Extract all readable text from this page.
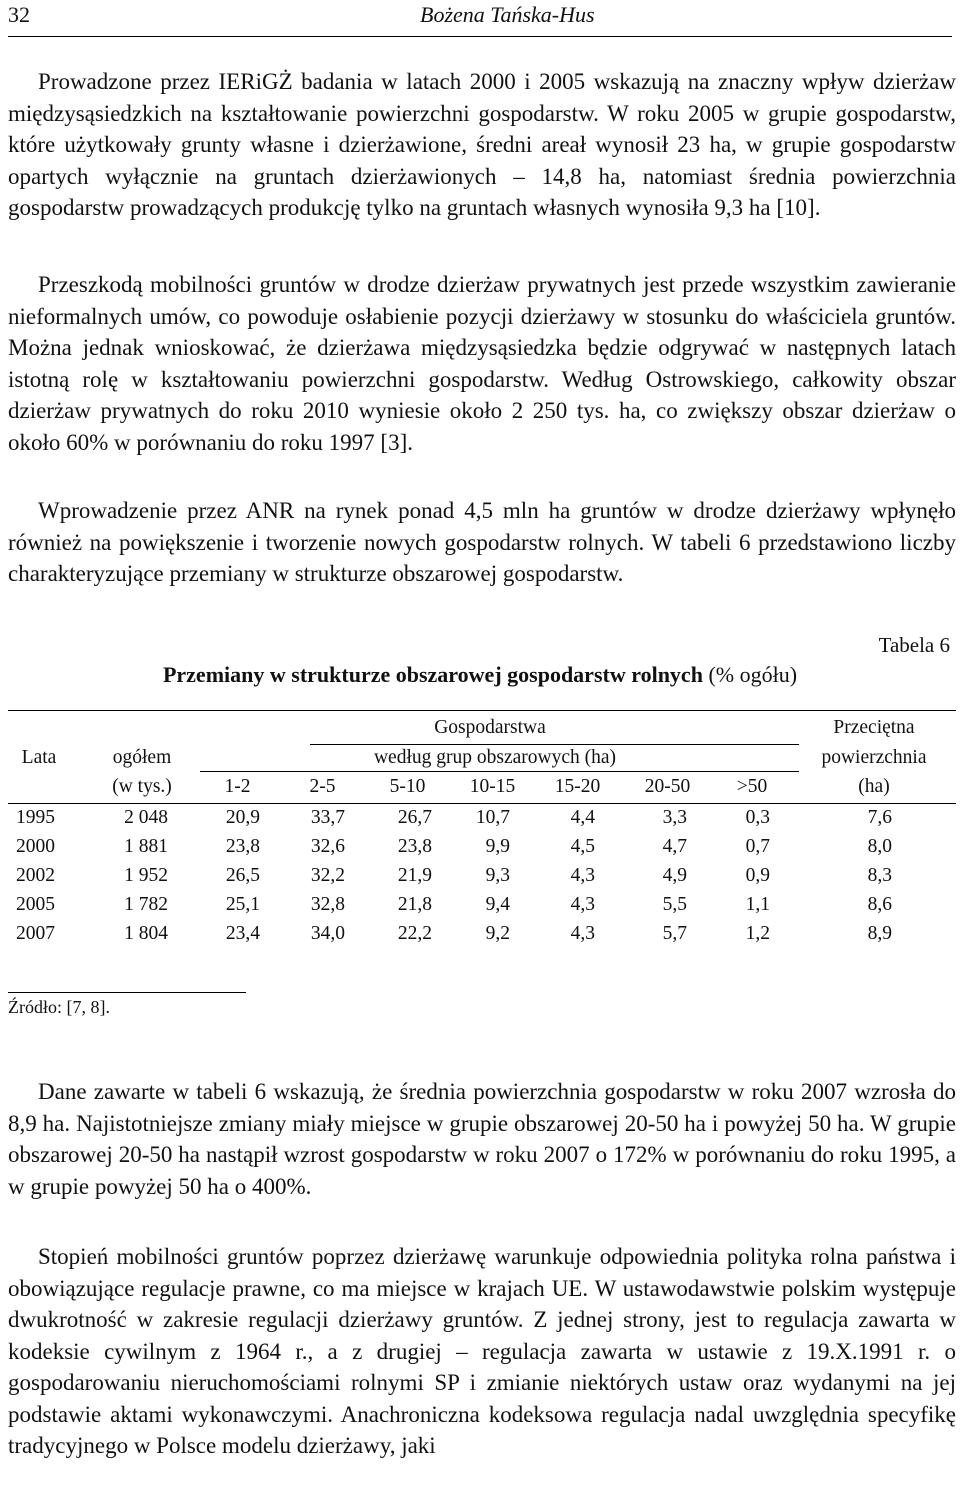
32	Bożena Tańska-Hus

Prowadzone przez IERiGŻ badania w latach 2000 i 2005 wskazują na znaczny wpływ dzierżaw międzysąsiedzkich na kształtowanie powierzchni gospodarstw. W roku 2005 w grupie gospodarstw, które użytkowały grunty własne i dzierżawione, średni areał wynosił 23 ha, w grupie gospodarstw opartych wyłącznie na gruntach dzierżawionych – 14,8 ha, natomiast średnia powierzchnia gospodarstw prowadzących produkcję tylko na gruntach własnych wynosiła 9,3 ha [10].

Przeszkodą mobilności gruntów w drodze dzierżaw prywatnych jest przede wszystkim zawieranie nieformalnych umów, co powoduje osłabienie pozycji dzierżawy w stosunku do właściciela gruntów. Można jednak wnioskować, że dzierżawa międzysąsiedzka będzie odgrywać w następnych latach istotną rolę w kształtowaniu powierzchni gospodarstw. Według Ostrowskiego, całkowity obszar dzierżaw prywatnych do roku 2010 wyniesie około 2 250 tys. ha, co zwiększy obszar dzierżaw o około 60% w porównaniu do roku 1997 [3].

Wprowadzenie przez ANR na rynek ponad 4,5 mln ha gruntów w drodze dzierżawy wpłynęło również na powiększenie i tworzenie nowych gospodarstw rolnych. W tabeli 6 przedstawiono liczby charakteryzujące przemiany w strukturze obszarowej gospodarstw.

Tabela 6
Przemiany w strukturze obszarowej gospodarstw rolnych (% ogółu)
Lata	ogółem
(w tys.)
Gospodarstwa
według grup obszarowych (ha)
Przeciętna
powierzchnia
(ha)
1-2	2-5	5-10	10-15	15-20	20-50	>50
1995	2 048	20,9	33,7	26,7	10,7	4,4	3,3	0,3	7,6
2000	1 881	23,8	32,6	23,8	9,9	4,5	4,7	0,7	8,0
2002	1 952	26,5	32,2	21,9	9,3	4,3	4,9	0,9	8,3
2005	1 782	25,1	32,8	21,8	9,4	4,3	5,5	1,1	8,6
2007	1 804	23,4	34,0	22,2	9,2	4,3	5,7	1,2	8,9
Źródło: [7, 8].

Dane zawarte w tabeli 6 wskazują, że średnia powierzchnia gospodarstw w roku 2007 wzrosła do 8,9 ha. Najistotniejsze zmiany miały miejsce w grupie obszarowej 20-50 ha i powyżej 50 ha. W grupie obszarowej 20-50 ha nastąpił wzrost gospodarstw w roku 2007 o 172% w porównaniu do roku 1995, a w grupie powyżej 50 ha o 400%.

Stopień mobilności gruntów poprzez dzierżawę warunkuje odpowiednia polityka rolna państwa i obowiązujące regulacje prawne, co ma miejsce w krajach UE. W ustawodawstwie polskim występuje dwukrotność w zakresie regulacji dzierżawy gruntów. Z jednej strony, jest to regulacja zawarta w kodeksie cywilnym z 1964 r., a z drugiej – regulacja zawarta w ustawie z 19.X.1991 r. o gospodarowaniu nieruchomościami rolnymi SP i zmianie niektórych ustaw oraz wydanymi na jej podstawie aktami wykonawczymi. Anachroniczna kodeksowa regulacja nadal uwzględnia specyfikę tradycyjnego w Polsce modelu dzierżawy, jaki
